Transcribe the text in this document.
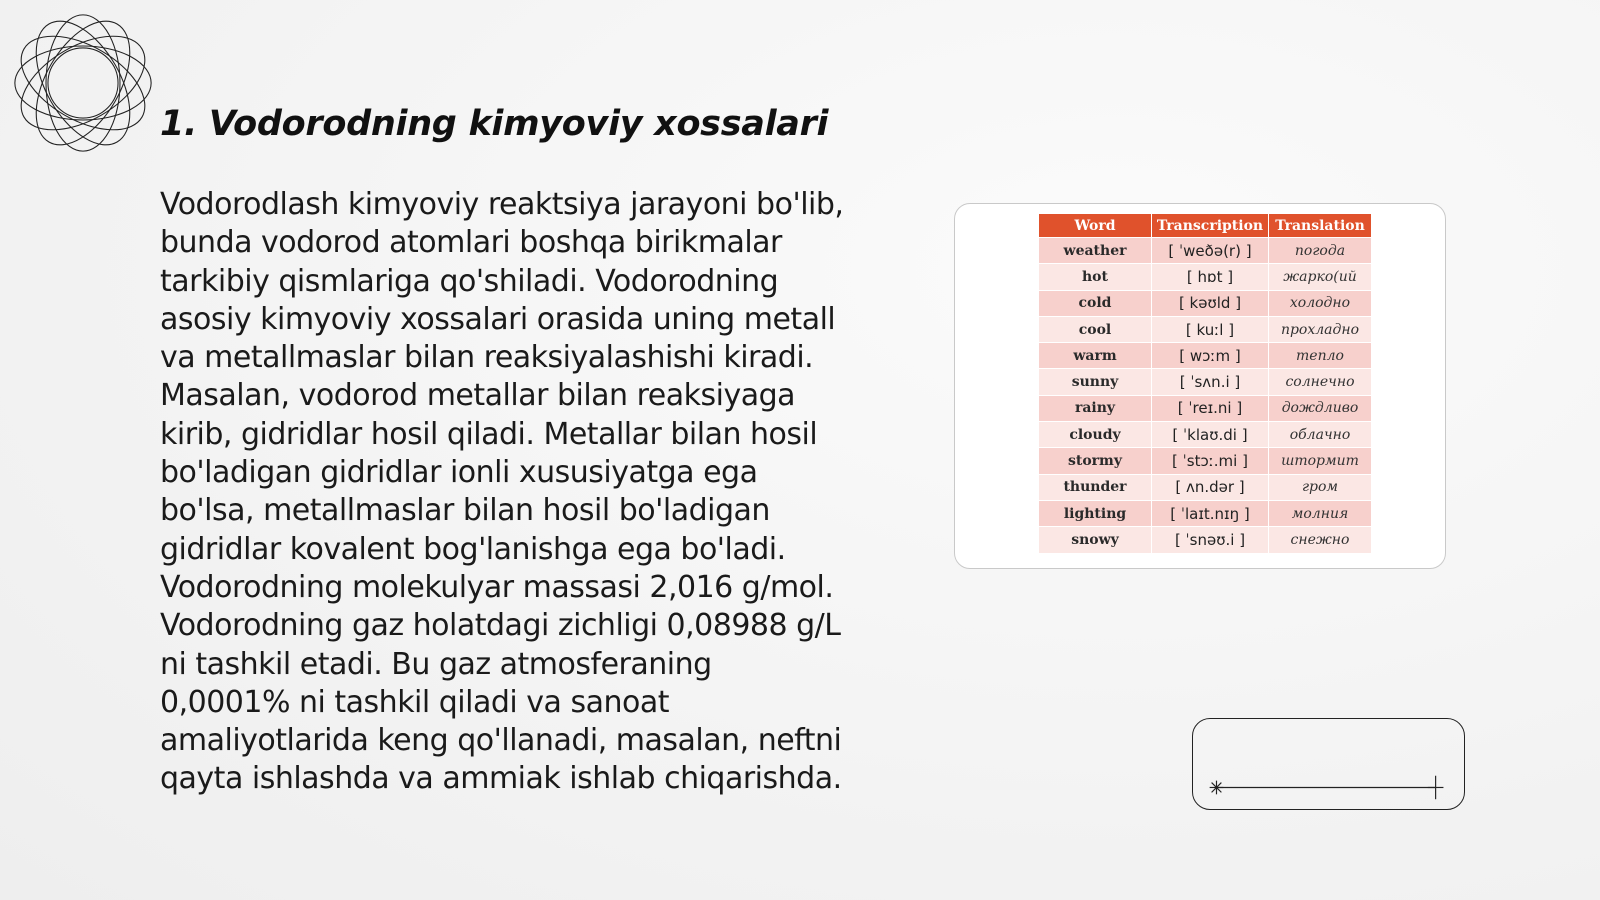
1. Vodorodning kimyoviy xossalari

Vodorodlash kimyoviy reaktsiya jarayoni bo'lib, bunda vodorod atomlari boshqa birikmalar tarkibiy qismlariga qo'shiladi. Vodorodning asosiy kimyoviy xossalari orasida uning metall va metallmaslar bilan reaksiyalashishi kiradi. Masalan, vodorod metallar bilan reaksiyaga kirib, gidridlar hosil qiladi. Metallar bilan hosil bo'ladigan gidridlar ionli xususiyatga ega bo'lsa, metallmaslar bilan hosil bo'ladigan gidridlar kovalent bog'lanishga ega bo'ladi. Vodorodning molekulyar massasi 2,016 g/mol. Vodorodning gaz holatdagi zichligi 0,08988 g/L ni tashkil etadi. Bu gaz atmosferaning 0,0001% ni tashkil qiladi va sanoat amaliyotlarida keng qo'llanadi, masalan, neftni qayta ishlashda va ammiak ishlab chiqarishda.

Word	Transcription	Translation
weather	[ ˈweðə(r) ]	погода
hot	[ hɒt ]	жарко(ий
cold	[ kəʊld ]	холодно
cool	[ kuːl ]	прохладно
warm	[ wɔːm ]	тепло
sunny	[ ˈsʌn.i ]	солнечно
rainy	[ ˈreɪ.ni ]	дождливо
cloudy	[ ˈklaʊ.di ]	облачно
stormy	[ ˈstɔː.mi ]	штормит
thunder	[ ʌn.dər ]	гром
lighting	[ ˈlaɪt.nɪŋ ]	молния
snowy	[ ˈsnəʊ.i ]	снежно
